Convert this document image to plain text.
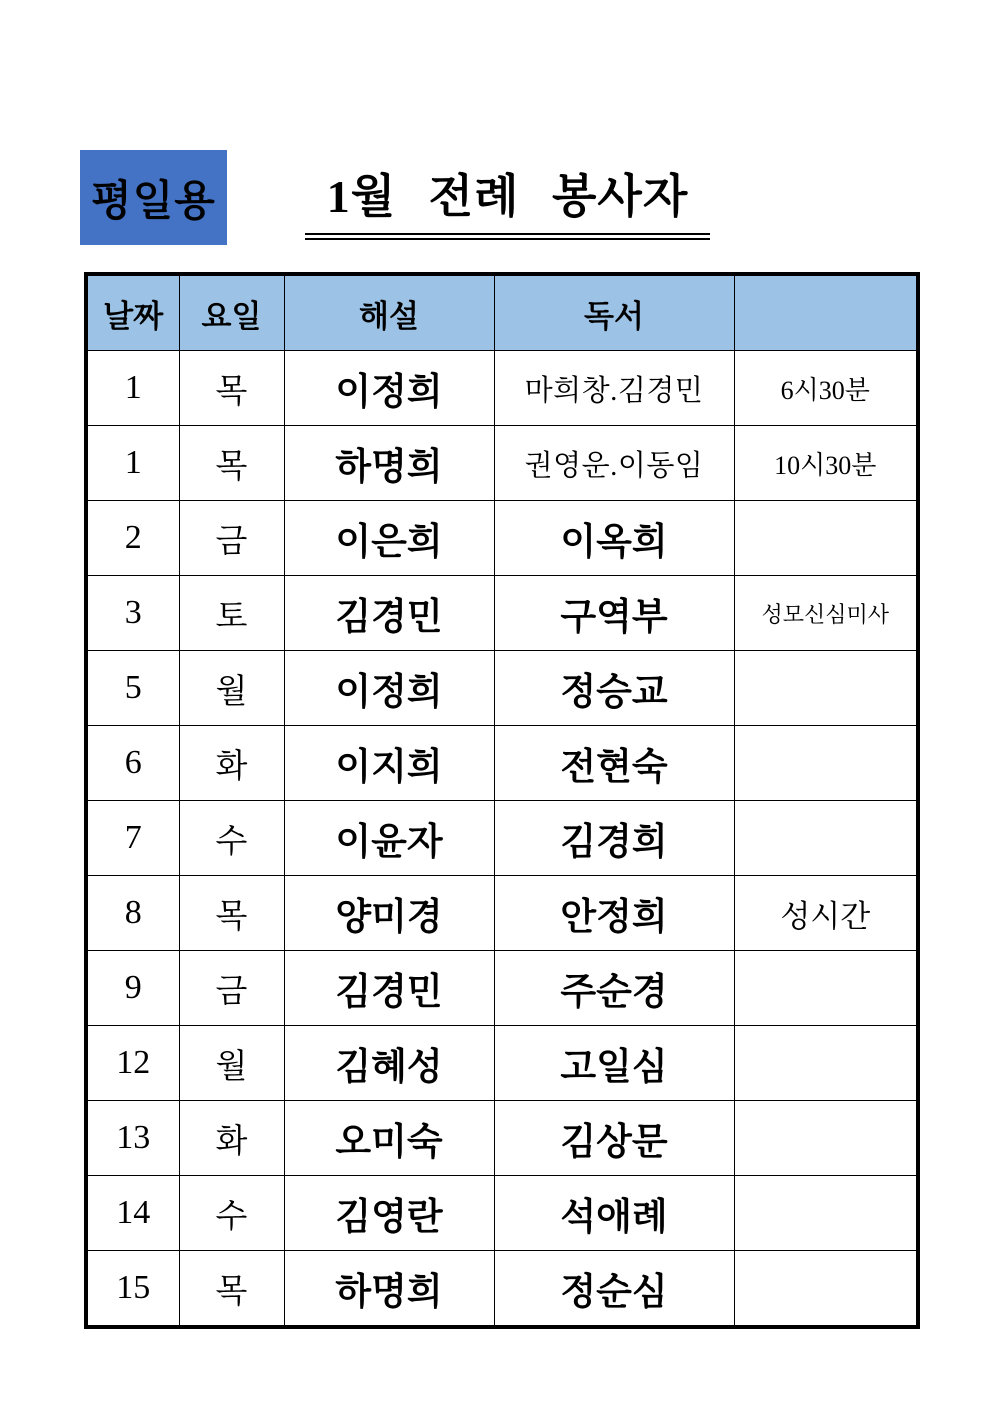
평일용	1월 전례 봉사자
날짜	요일	해설	독서	
1	목	이정희	마희창.김경민	6시30분
1	목	하명희	권영운.이동임	10시30분
2	금	이은희	이옥희	
3	토	김경민	구역부	성모신심미사
5	월	이정희	정승교	
6	화	이지희	전현숙	
7	수	이윤자	김경희	
8	목	양미경	안정희	성시간
9	금	김경민	주순경	
12	월	김혜성	고일심	
13	화	오미숙	김상문	
14	수	김영란	석애례	
15	목	하명희	정순심	
